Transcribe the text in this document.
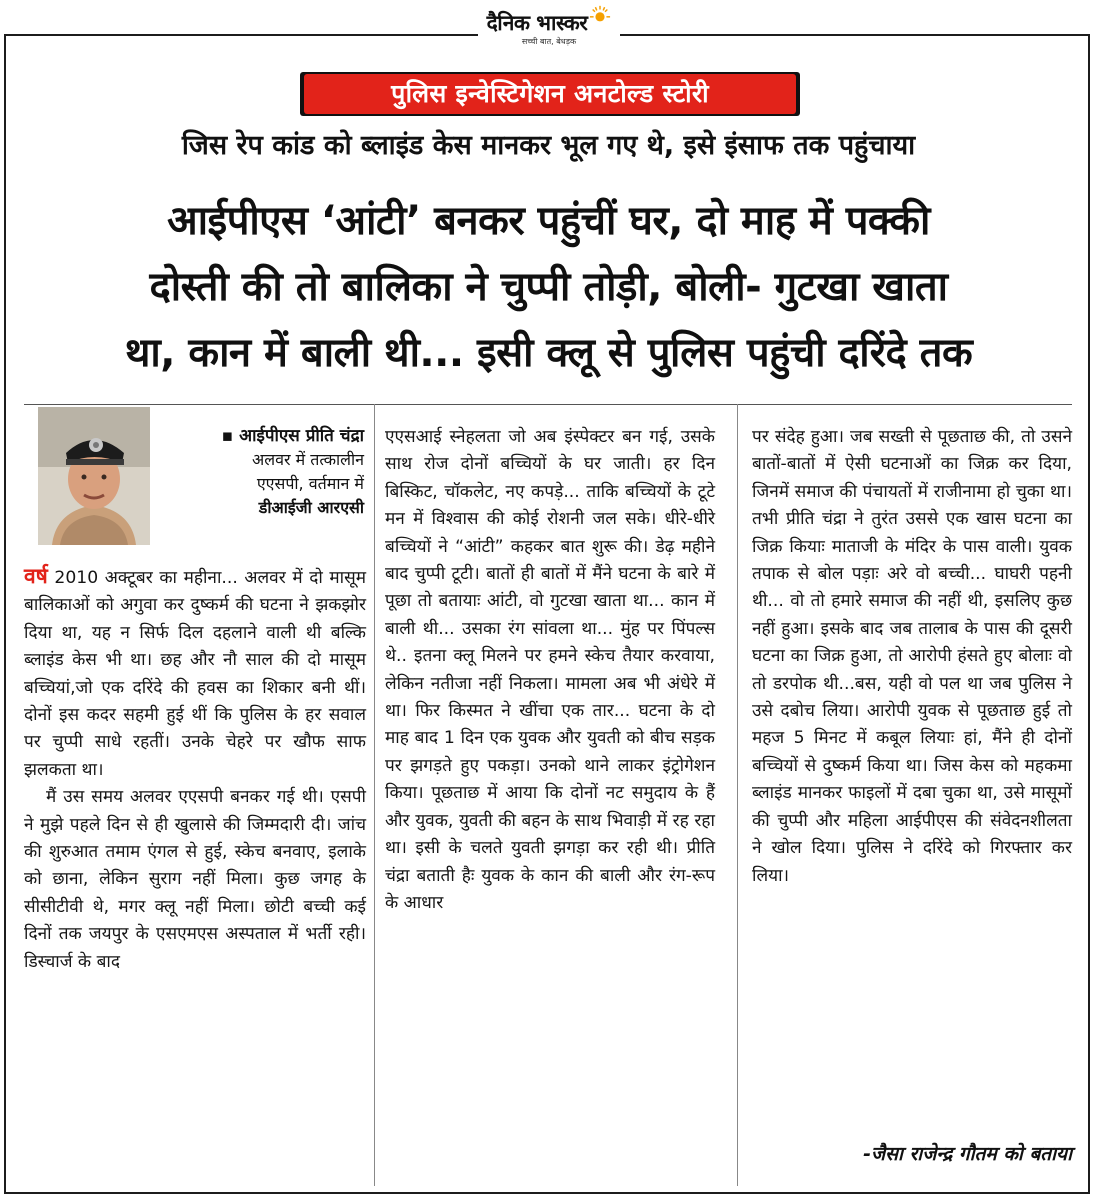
दैनिक भास्कर
सच्ची बात, बेधड़क
पुलिस इन्वेस्टिगेशन अनटोल्ड स्टोरी
जिस रेप कांड को ब्लाइंड केस मानकर भूल गए थे, इसे इंसाफ तक पहुंचाया
आईपीएस ‘आंटी’ बनकर पहुंचीं घर, दो माह में पक्की
दोस्ती की तो बालिका ने चुप्पी तोड़ी, बोली- गुटखा खाता
था, कान में बाली थी... इसी क्लू से पुलिस पहुंची दरिंदे तक
▪ आईपीएस प्रीति चंद्रा
अलवर में तत्कालीन
एएसपी, वर्तमान में
डीआईजी आरएसी

वर्ष 2010 अक्टूबर का महीना... अलवर में दो मासूम बालिकाओं को अगुवा कर दुष्कर्म की घटना ने झकझोर दिया था, यह न सिर्फ दिल दहलाने वाली थी बल्कि ब्लाइंड केस भी था। छह और नौ साल की दो मासूम बच्चियां,जो एक दरिंदे की हवस का शिकार बनी थीं। दोनों इस कदर सहमी हुई थीं कि पुलिस के हर सवाल पर चुप्पी साधे रहतीं। उनके चेहरे पर खौफ साफ झलकता था।

मैं उस समय अलवर एएसपी बनकर गई थी। एसपी ने मुझे पहले दिन से ही खुलासे की जिम्मदारी दी। जांच की शुरुआत तमाम एंगल से हुई, स्केच बनवाए, इलाके को छाना, लेकिन सुराग नहीं मिला। कुछ जगह के सीसीटीवी थे, मगर क्लू नहीं मिला। छोटी बच्ची कई दिनों तक जयपुर के एसएमएस अस्पताल में भर्ती रही। डिस्चार्ज के बाद

एएसआई स्नेहलता जो अब इंस्पेक्टर बन गई, उसके साथ रोज दोनों बच्चियों के घर जाती। हर दिन बिस्किट, चॉकलेट, नए कपड़े... ताकि बच्चियों के टूटे मन में विश्वास की कोई रोशनी जल सके। धीरे-धीरे बच्चियों ने “आंटी” कहकर बात शुरू की। डेढ़ महीने बाद चुप्पी टूटी। बातों ही बातों में मैंने घटना के बारे में पूछा तो बतायाः आंटी, वो गुटखा खाता था... कान में बाली थी... उसका रंग सांवला था... मुंह पर पिंपल्स थे.. इतना क्लू मिलने पर हमने स्केच तैयार करवाया, लेकिन नतीजा नहीं निकला। मामला अब भी अंधेरे में था। फिर किस्मत ने खींचा एक तार... घटना के दो माह बाद 1 दिन एक युवक और युवती को बीच सड़क पर झगड़ते हुए पकड़ा। उनको थाने लाकर इंट्रोगेशन किया। पूछताछ में आया कि दोनों नट समुदाय के हैं और युवक, युवती की बहन के साथ भिवाड़ी में रह रहा था। इसी के चलते युवती झगड़ा कर रही थी। प्रीति चंद्रा बताती हैः युवक के कान की बाली और रंग-रूप के आधार

पर संदेह हुआ। जब सख्ती से पूछताछ की, तो उसने बातों-बातों में ऐसी घटनाओं का जिक्र कर दिया, जिनमें समाज की पंचायतों में राजीनामा हो चुका था। तभी प्रीति चंद्रा ने तुरंत उससे एक खास घटना का जिक्र कियाः माताजी के मंदिर के पास वाली। युवक तपाक से बोल पड़ाः अरे वो बच्ची... घाघरी पहनी थी... वो तो हमारे समाज की नहीं थी, इसलिए कुछ नहीं हुआ। इसके बाद जब तालाब के पास की दूसरी घटना का जिक्र हुआ, तो आरोपी हंसते हुए बोलाः वो तो डरपोक थी...बस, यही वो पल था जब पुलिस ने उसे दबोच लिया। आरोपी युवक से पूछताछ हुई तो महज 5 मिनट में कबूल लियाः हां, मैंने ही दोनों बच्चियों से दुष्कर्म किया था। जिस केस को महकमा ब्लाइंड मानकर फाइलों में दबा चुका था, उसे मासूमों की चुप्पी और महिला आईपीएस की संवेदनशीलता ने खोल दिया। पुलिस ने दरिंदे को गिरफ्तार कर लिया।

-जैसा राजेन्द्र गौतम को बताया
